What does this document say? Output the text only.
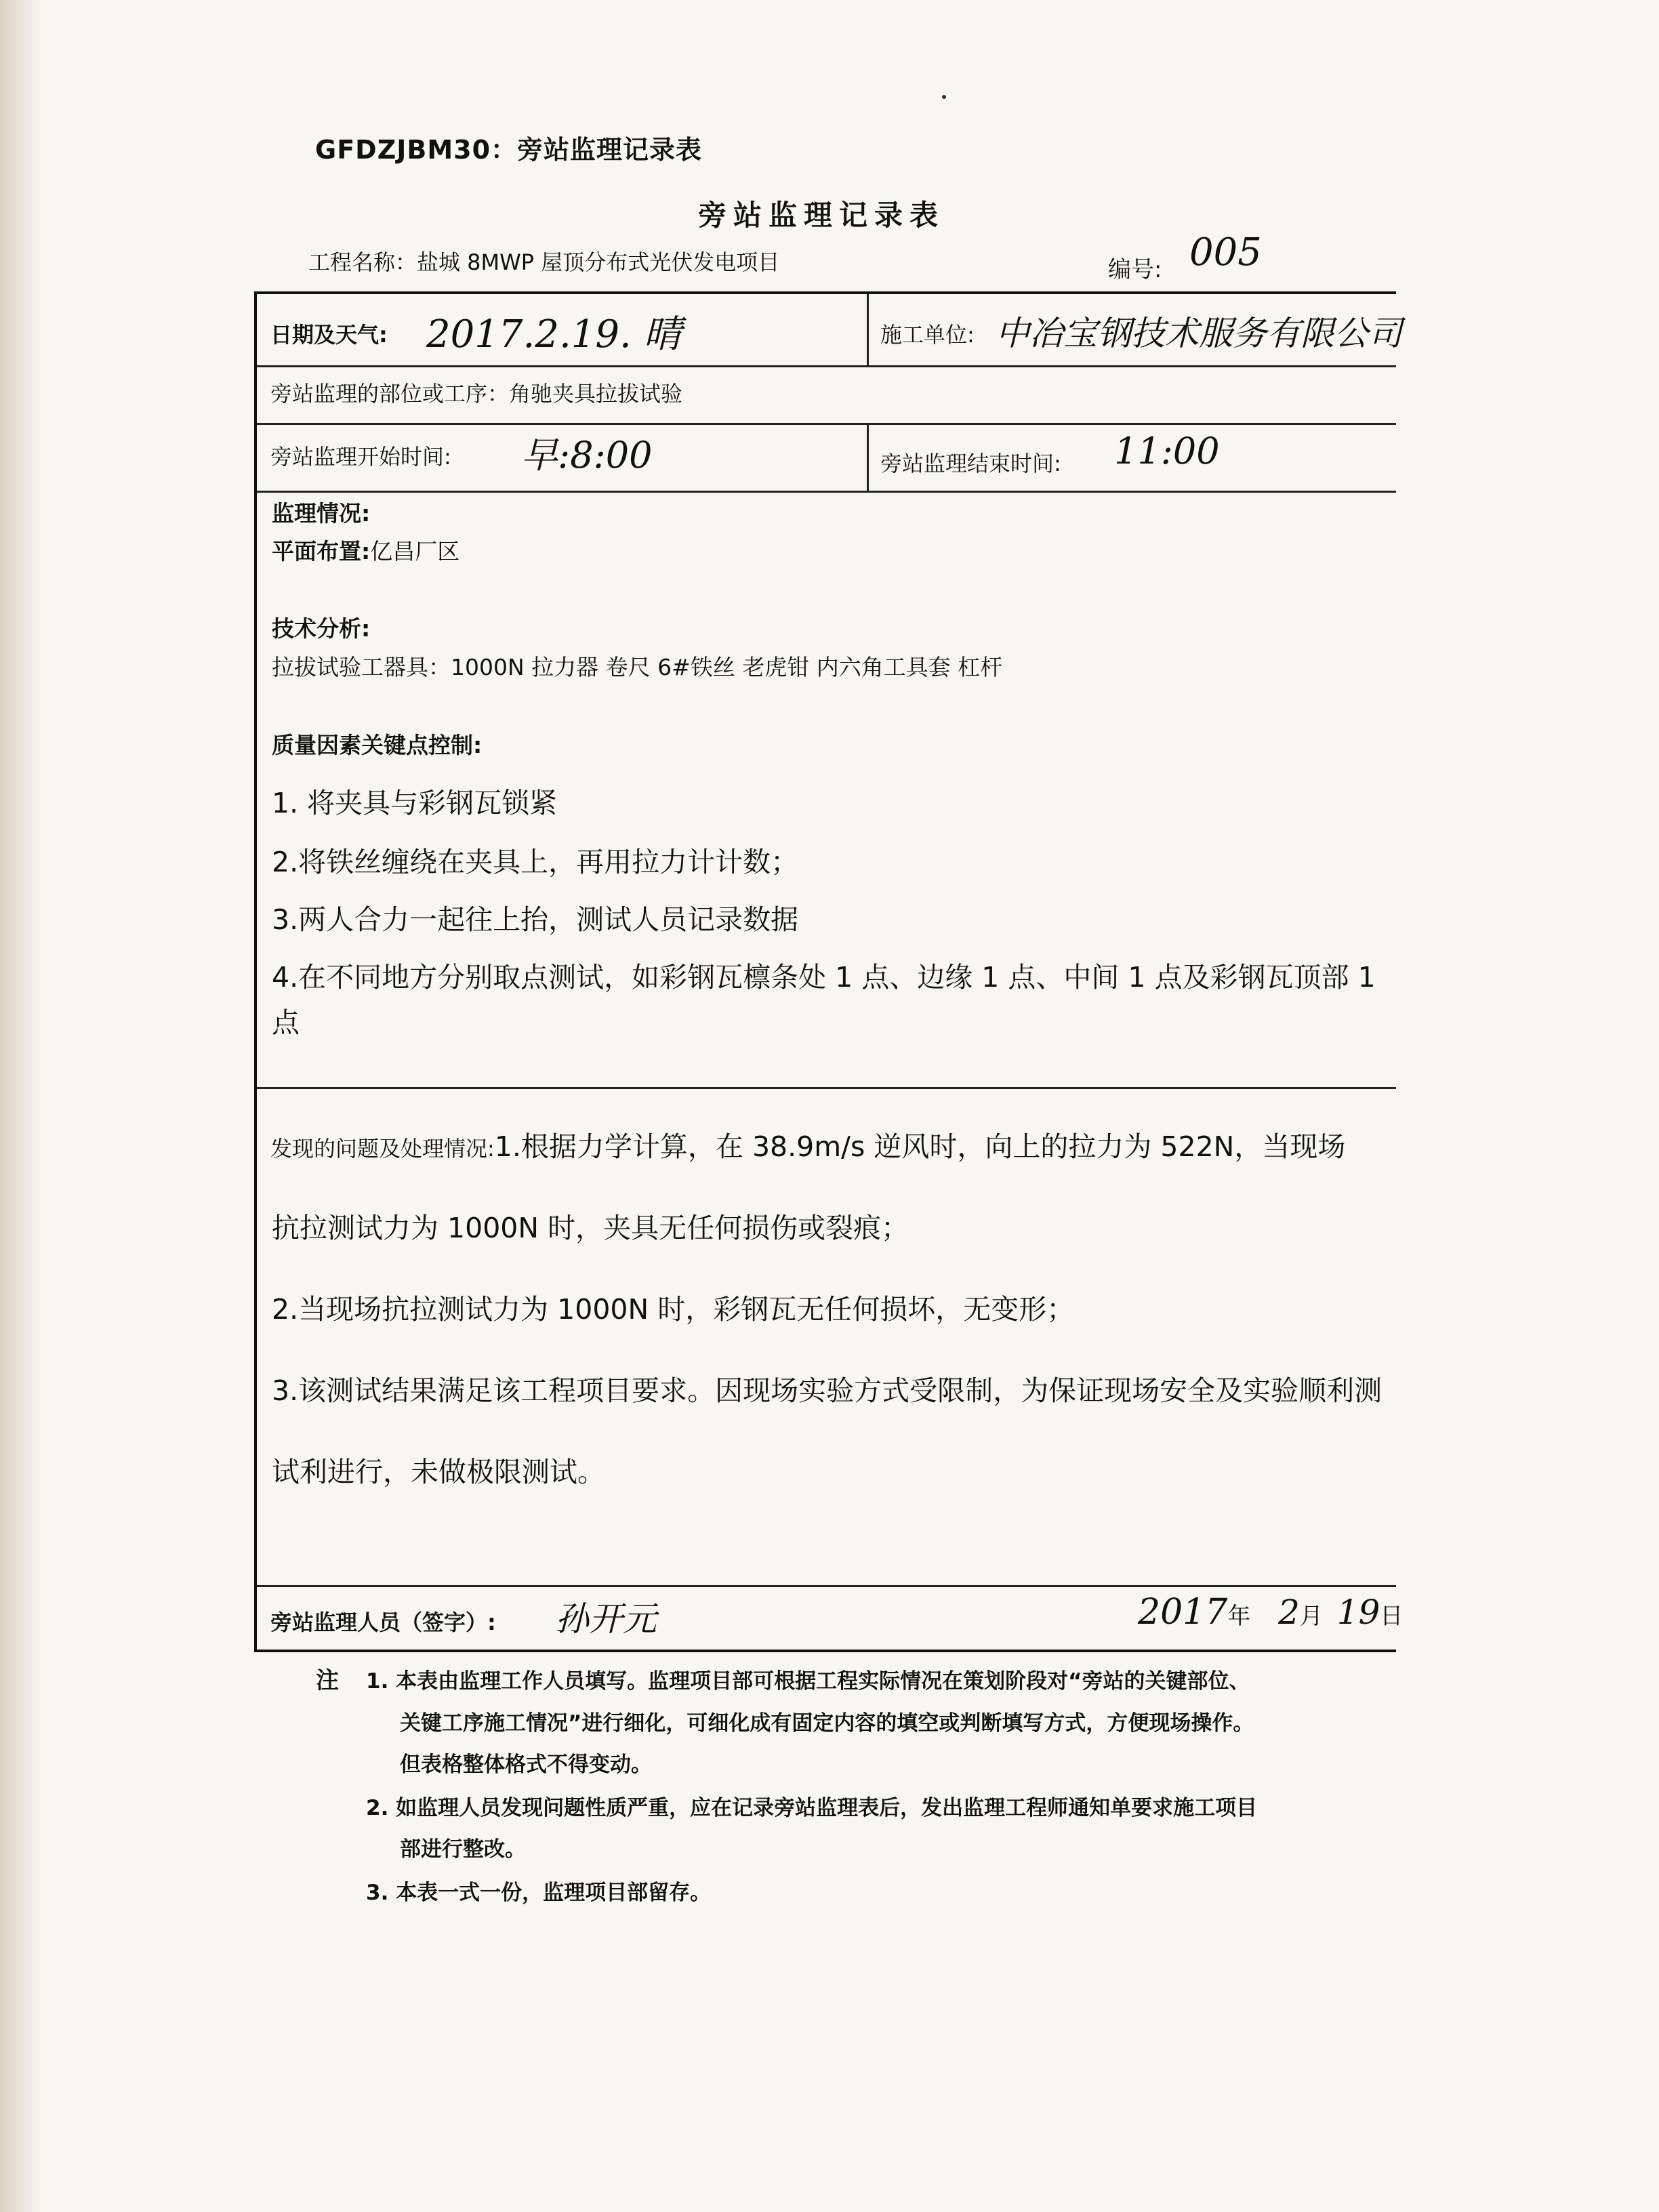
GFDZJBM30：旁站监理记录表
旁站监理记录表
工程名称：盐城 8MWP 屋顶分布式光伏发电项目	编号: 005
日期及天气: 2017.2.19. 晴	施工单位: 中冶宝钢技术服务有限公司
旁站监理的部位或工序：角驰夹具拉拔试验
旁站监理开始时间: 早:8:00	旁站监理结束时间: 11:00
监理情况:
平面布置:亿昌厂区
技术分析:
拉拔试验工器具：1000N 拉力器 卷尺 6#铁丝 老虎钳 内六角工具套 杠杆
质量因素关键点控制:
1. 将夹具与彩钢瓦锁紧
2.将铁丝缠绕在夹具上，再用拉力计计数；
3.两人合力一起往上抬，测试人员记录数据
4.在不同地方分别取点测试，如彩钢瓦檩条处 1 点、边缘 1 点、中间 1 点及彩钢瓦顶部 1
点
发现的问题及处理情况:1.根据力学计算，在 38.9m/s 逆风时，向上的拉力为 522N，当现场
抗拉测试力为 1000N 时，夹具无任何损伤或裂痕；
2.当现场抗拉测试力为 1000N 时，彩钢瓦无任何损坏，无变形；
3.该测试结果满足该工程项目要求。因现场实验方式受限制，为保证现场安全及实验顺利测
试利进行，未做极限测试。
旁站监理人员（签字）: 孙开元	2017年 2月 19日
注 1. 本表由监理工作人员填写。监理项目部可根据工程实际情况在策划阶段对“旁站的关键部位、
关键工序施工情况”进行细化，可细化成有固定内容的填空或判断填写方式，方便现场操作。
但表格整体格式不得变动。
2. 如监理人员发现问题性质严重，应在记录旁站监理表后，发出监理工程师通知单要求施工项目
部进行整改。
3. 本表一式一份，监理项目部留存。
